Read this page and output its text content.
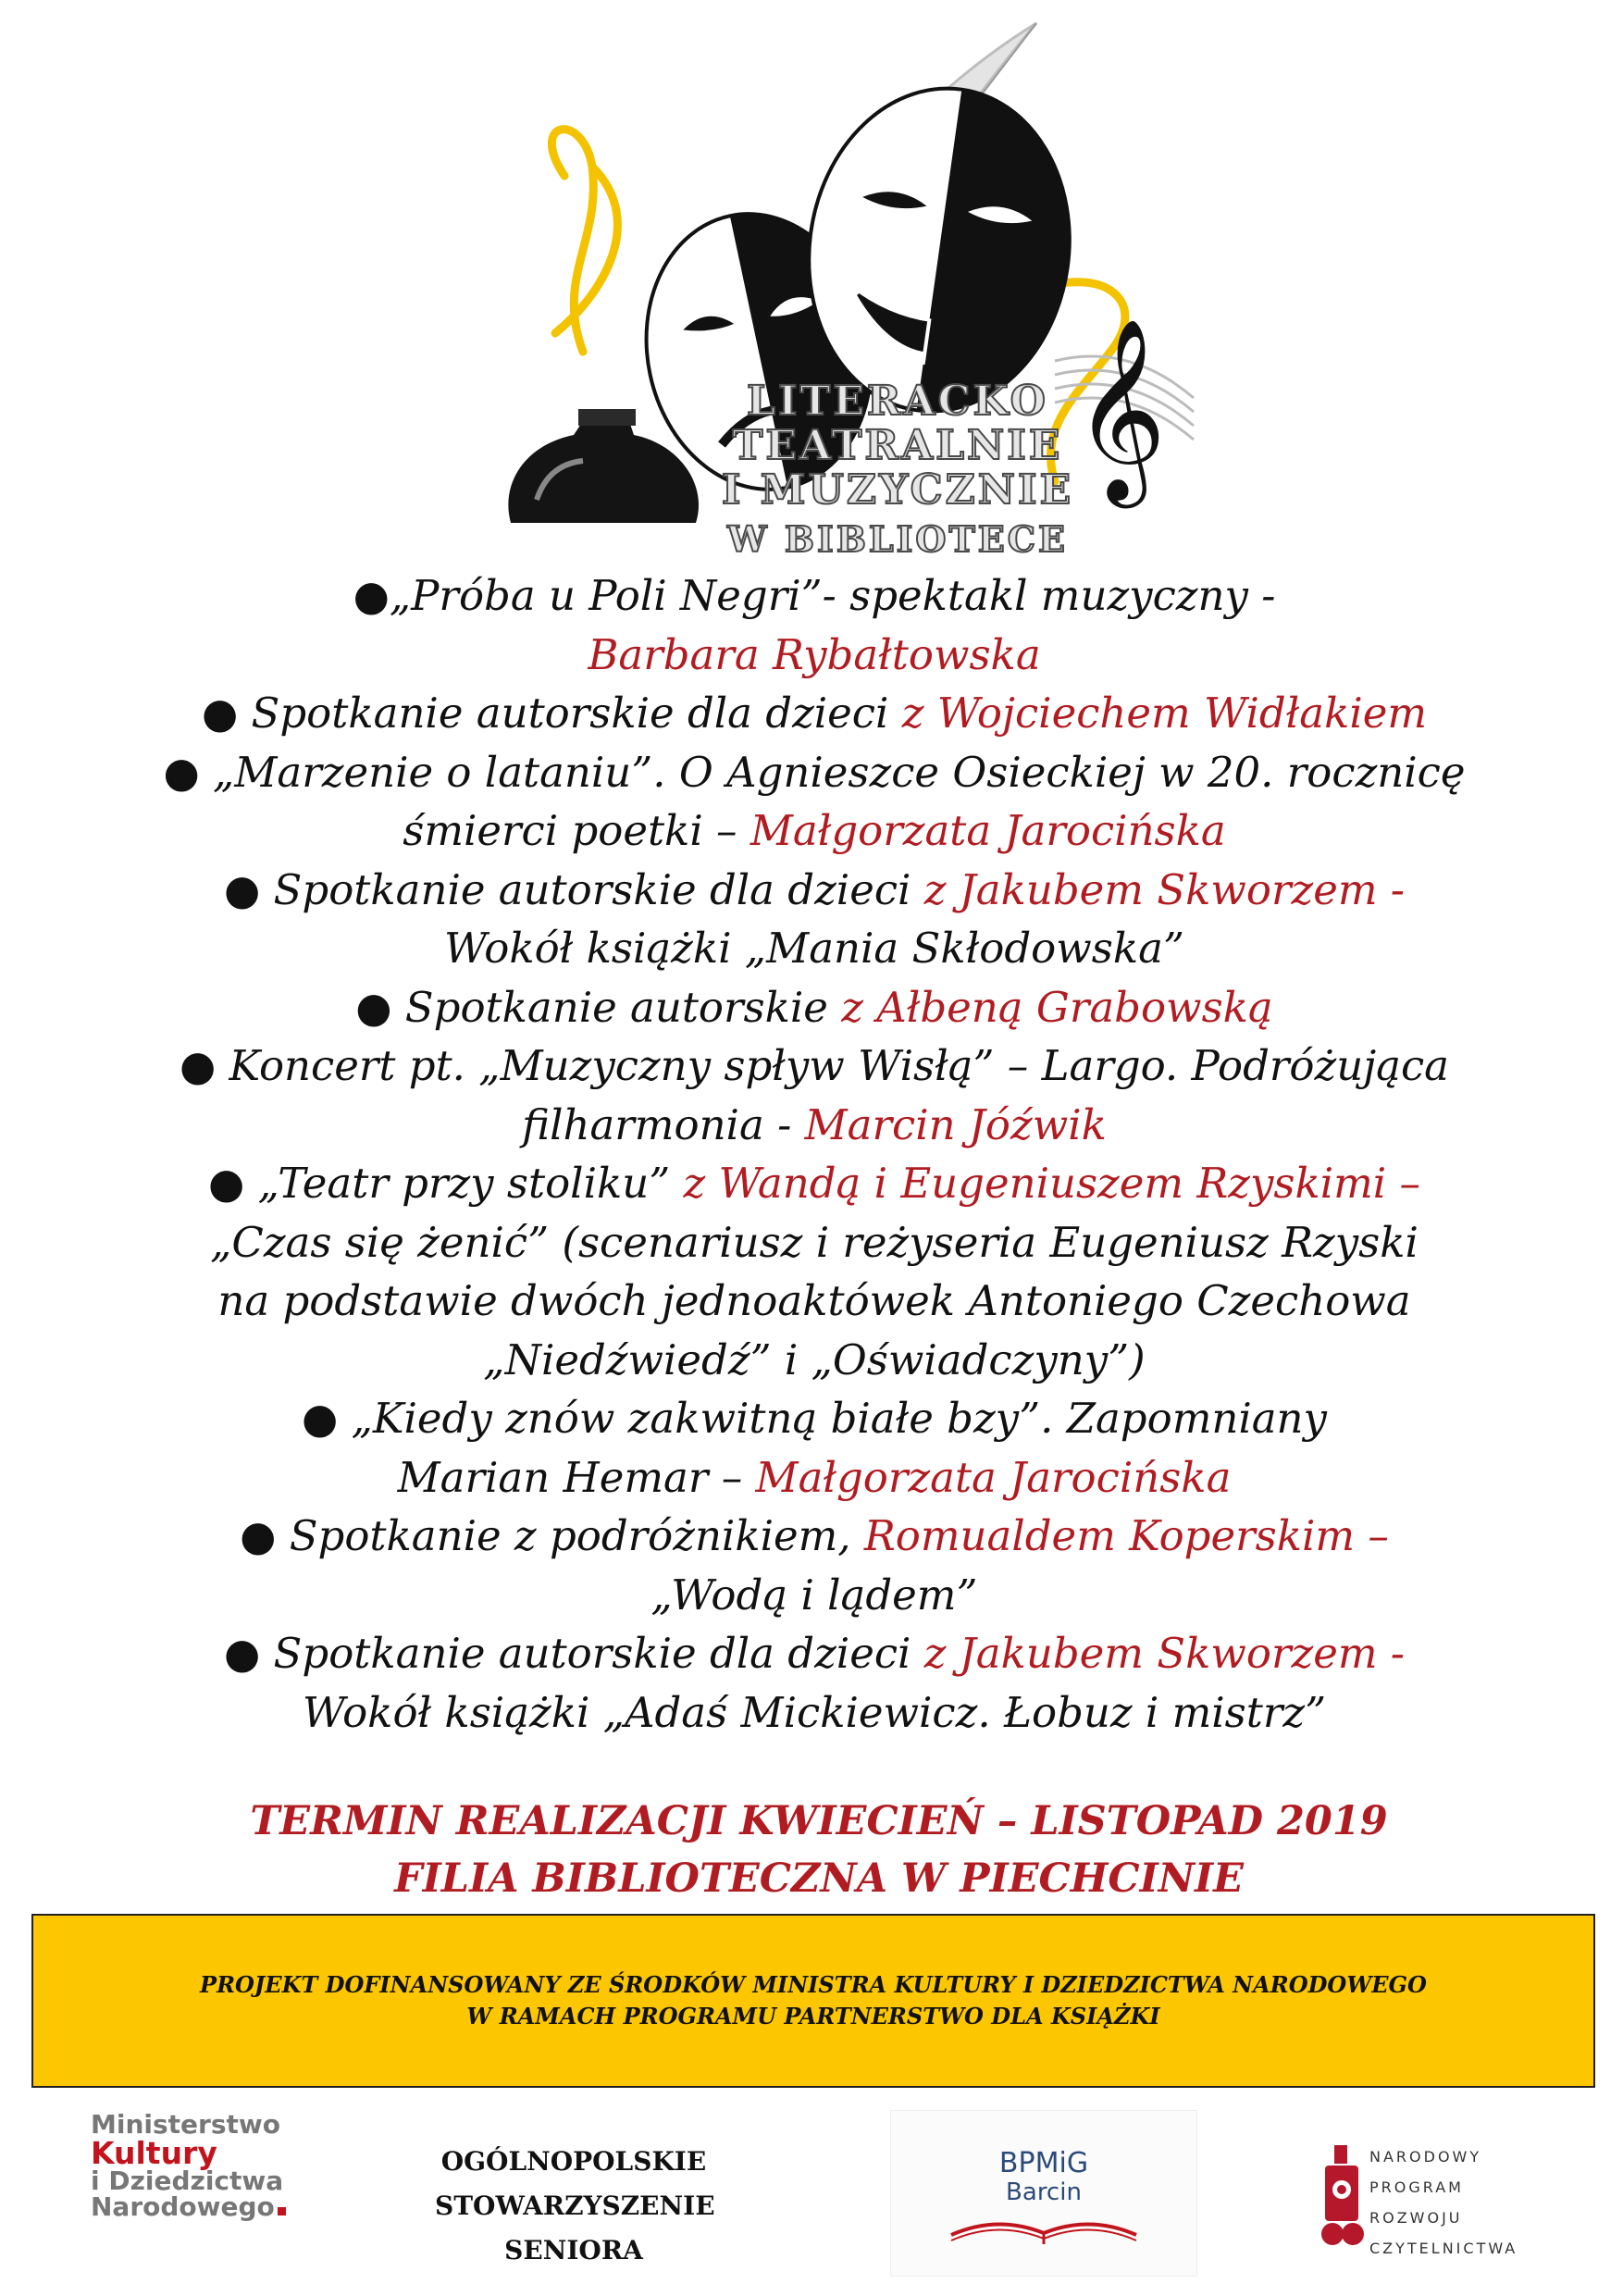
𝄞
LITERACKO
TEATRALNIE
I MUZYCZNIE
W BIBLIOTECE
●„Próba u Poli Negri”- spektakl muzyczny -
Barbara Rybałtowska
● Spotkanie autorskie dla dzieci z Wojciechem Widłakiem
● „Marzenie o lataniu”. O Agnieszce Osieckiej w 20. rocznicę
śmierci poetki – Małgorzata Jarocińska
● Spotkanie autorskie dla dzieci z Jakubem Skworzem -
Wokół książki „Mania Skłodowska”
● Spotkanie autorskie z Ałbeną Grabowską
● Koncert pt. „Muzyczny spływ Wisłą” – Largo. Podróżująca
filharmonia - Marcin Jóźwik
● „Teatr przy stoliku” z Wandą i Eugeniuszem Rzyskimi –
„Czas się żenić” (scenariusz i reżyseria Eugeniusz Rzyski
na podstawie dwóch jednoaktówek Antoniego Czechowa
„Niedźwiedź” i „Oświadczyny”)
● „Kiedy znów zakwitną białe bzy”. Zapomniany
Marian Hemar – Małgorzata Jarocińska
● Spotkanie z podróżnikiem, Romualdem Koperskim –
„Wodą i lądem”
● Spotkanie autorskie dla dzieci z Jakubem Skworzem -
Wokół książki „Adaś Mickiewicz. Łobuz i mistrz”
TERMIN REALIZACJI KWIECIEŃ – LISTOPAD 2019
FILIA BIBLIOTECZNA W PIECHCINIE
PROJEKT DOFINANSOWANY ZE ŚRODKÓW MINISTRA KULTURY I DZIEDZICTWA NARODOWEGO
W RAMACH PROGRAMU PARTNERSTWO DLA KSIĄŻKI
Ministerstwo
Kultury
i Dziedzictwa
Narodowego
OGÓLNOPOLSKIE
STOWARZYSZENIE
SENIORA
BPMiG
Barcin
NARODOWY
PROGRAM
ROZWOJU
CZYTELNICTWA
